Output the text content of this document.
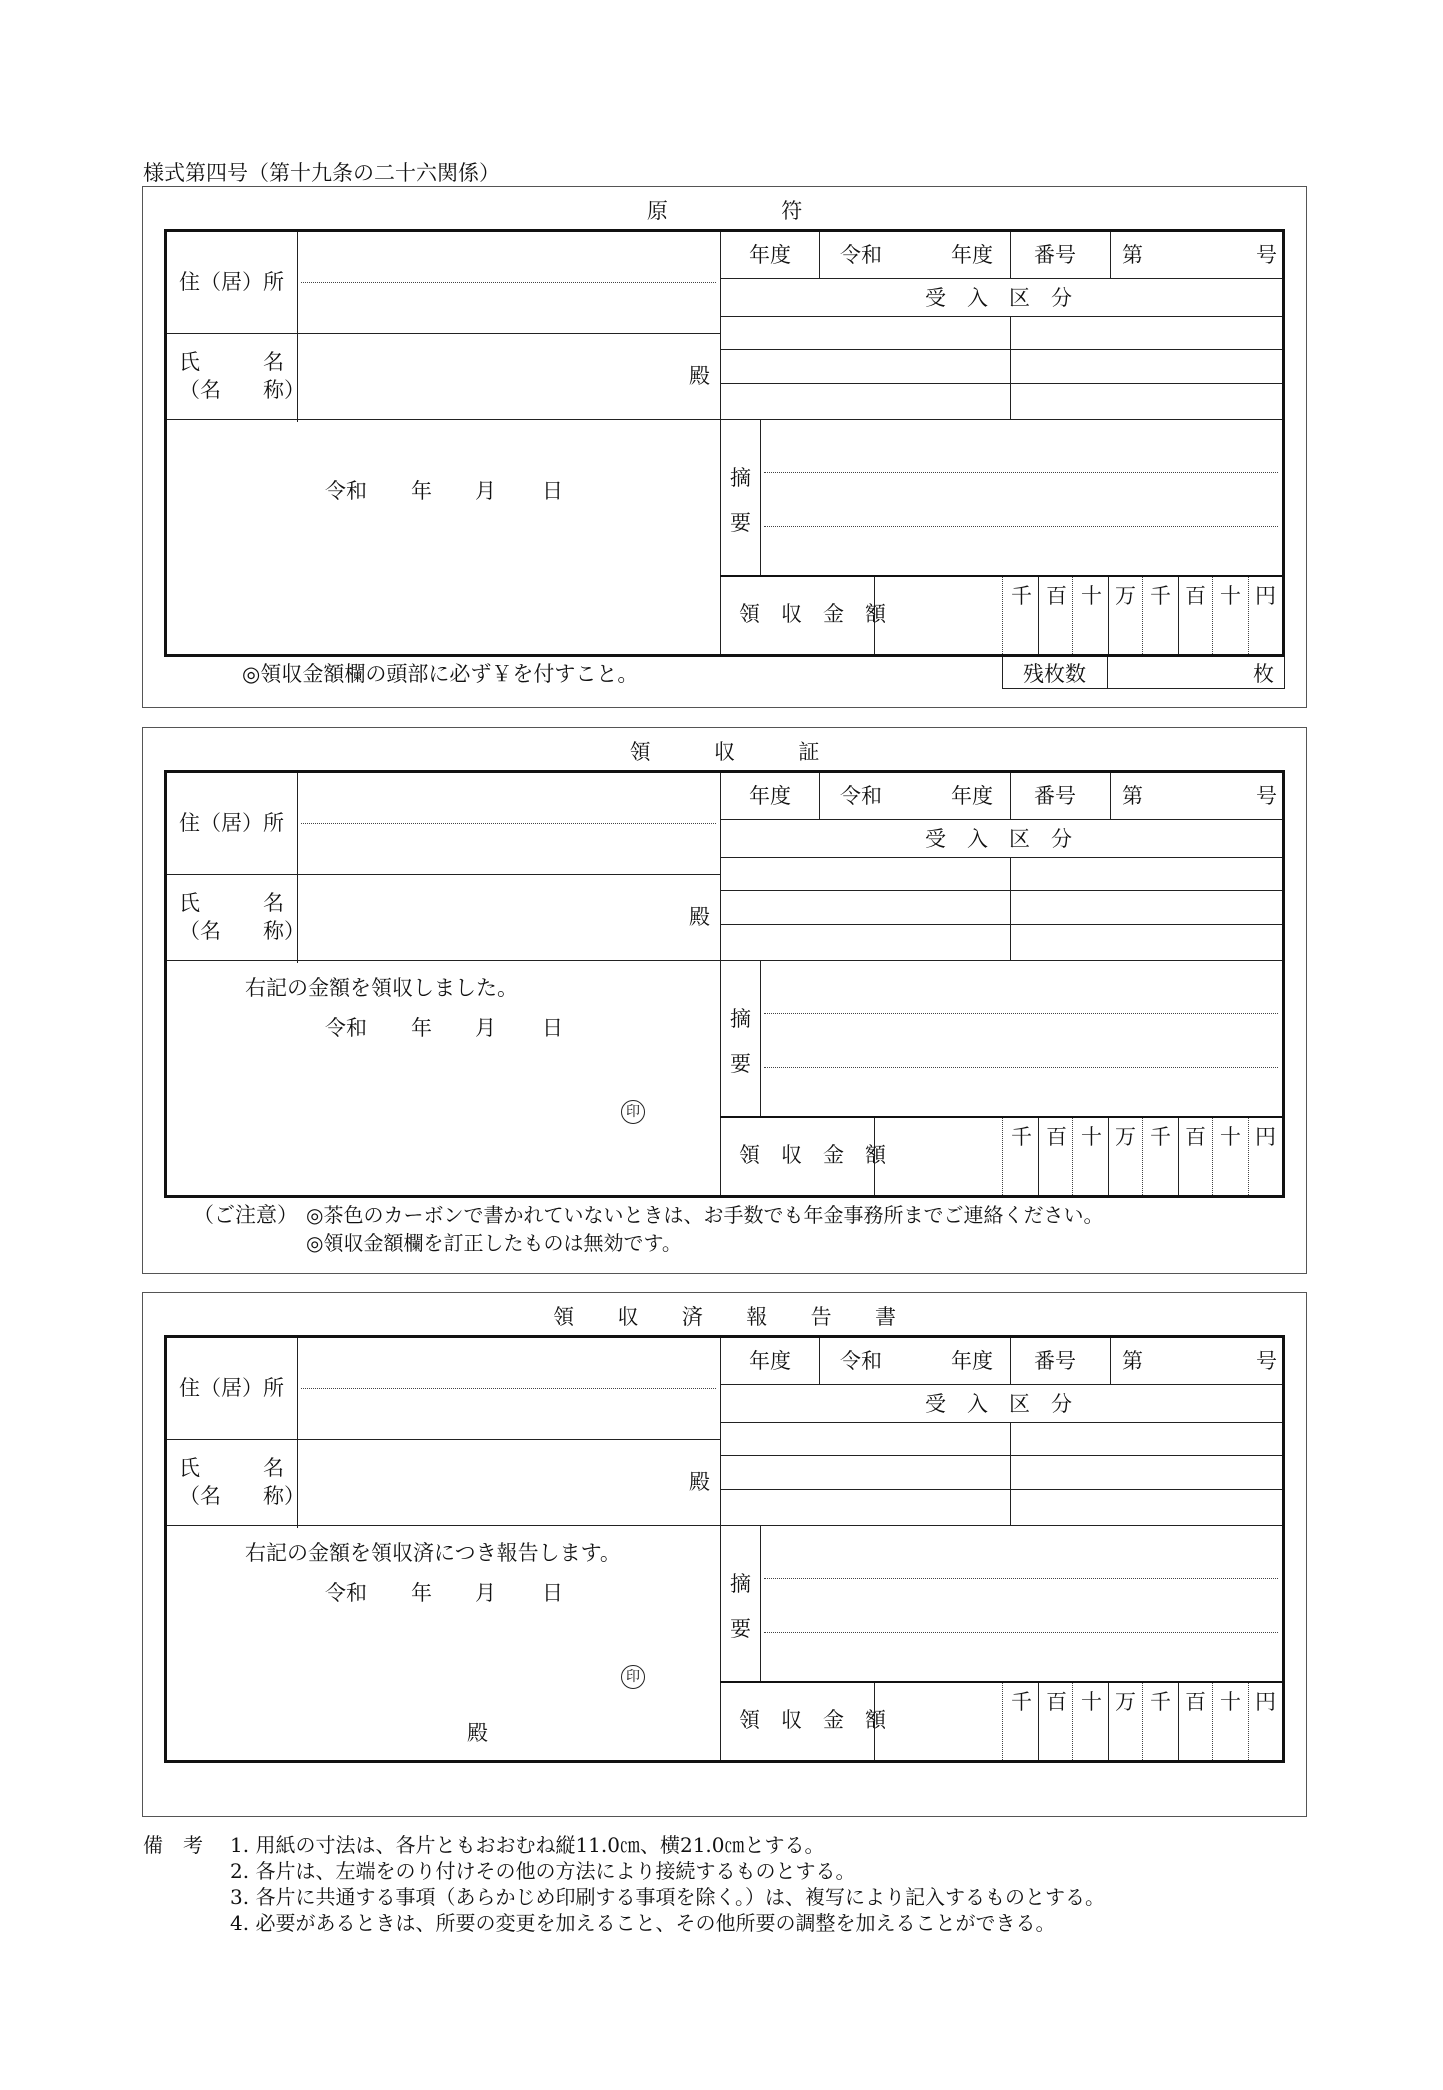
様式第四号（第十九条の二十六関係）
原	符
住（居）所
氏　　　名
（名　　称）
殿
令和 年 月 日
年度 令和	年度 番号 第	号
受　入　区　分
摘
要
領　収　金　額
千 百 十 万 千 百 十 円
◎領収金額欄の頭部に必ず￥を付すこと。	残枚数	枚
領	収	証
住（居）所
氏　　　名
（名　　称）
殿
右記の金額を領収しました。
令和 年 月 日
印
年度 令和	年度 番号 第	号
受　入　区　分
摘
要
領　収　金　額
千 百 十 万 千 百 十 円
（ご注意） ◎茶色のカーボンで書かれていないときは、お手数でも年金事務所までご連絡ください。
◎領収金額欄を訂正したものは無効です。
領 収 済 報 告 書
住（居）所
氏　　　名
（名　　称）
殿
右記の金額を領収済につき報告します。
令和 年 月 日
印
殿
年度 令和	年度 番号 第	号
受　入　区　分
摘
要
領　収　金　額
千 百 十 万 千 百 十 円
備　考 1. 用紙の寸法は、各片ともおおむね縦11.0㎝、横21.0㎝とする。
2. 各片は、左端をのり付けその他の方法により接続するものとする。
3. 各片に共通する事項（あらかじめ印刷する事項を除く。）は、複写により記入するものとする。
4. 必要があるときは、所要の変更を加えること、その他所要の調整を加えることができる。
